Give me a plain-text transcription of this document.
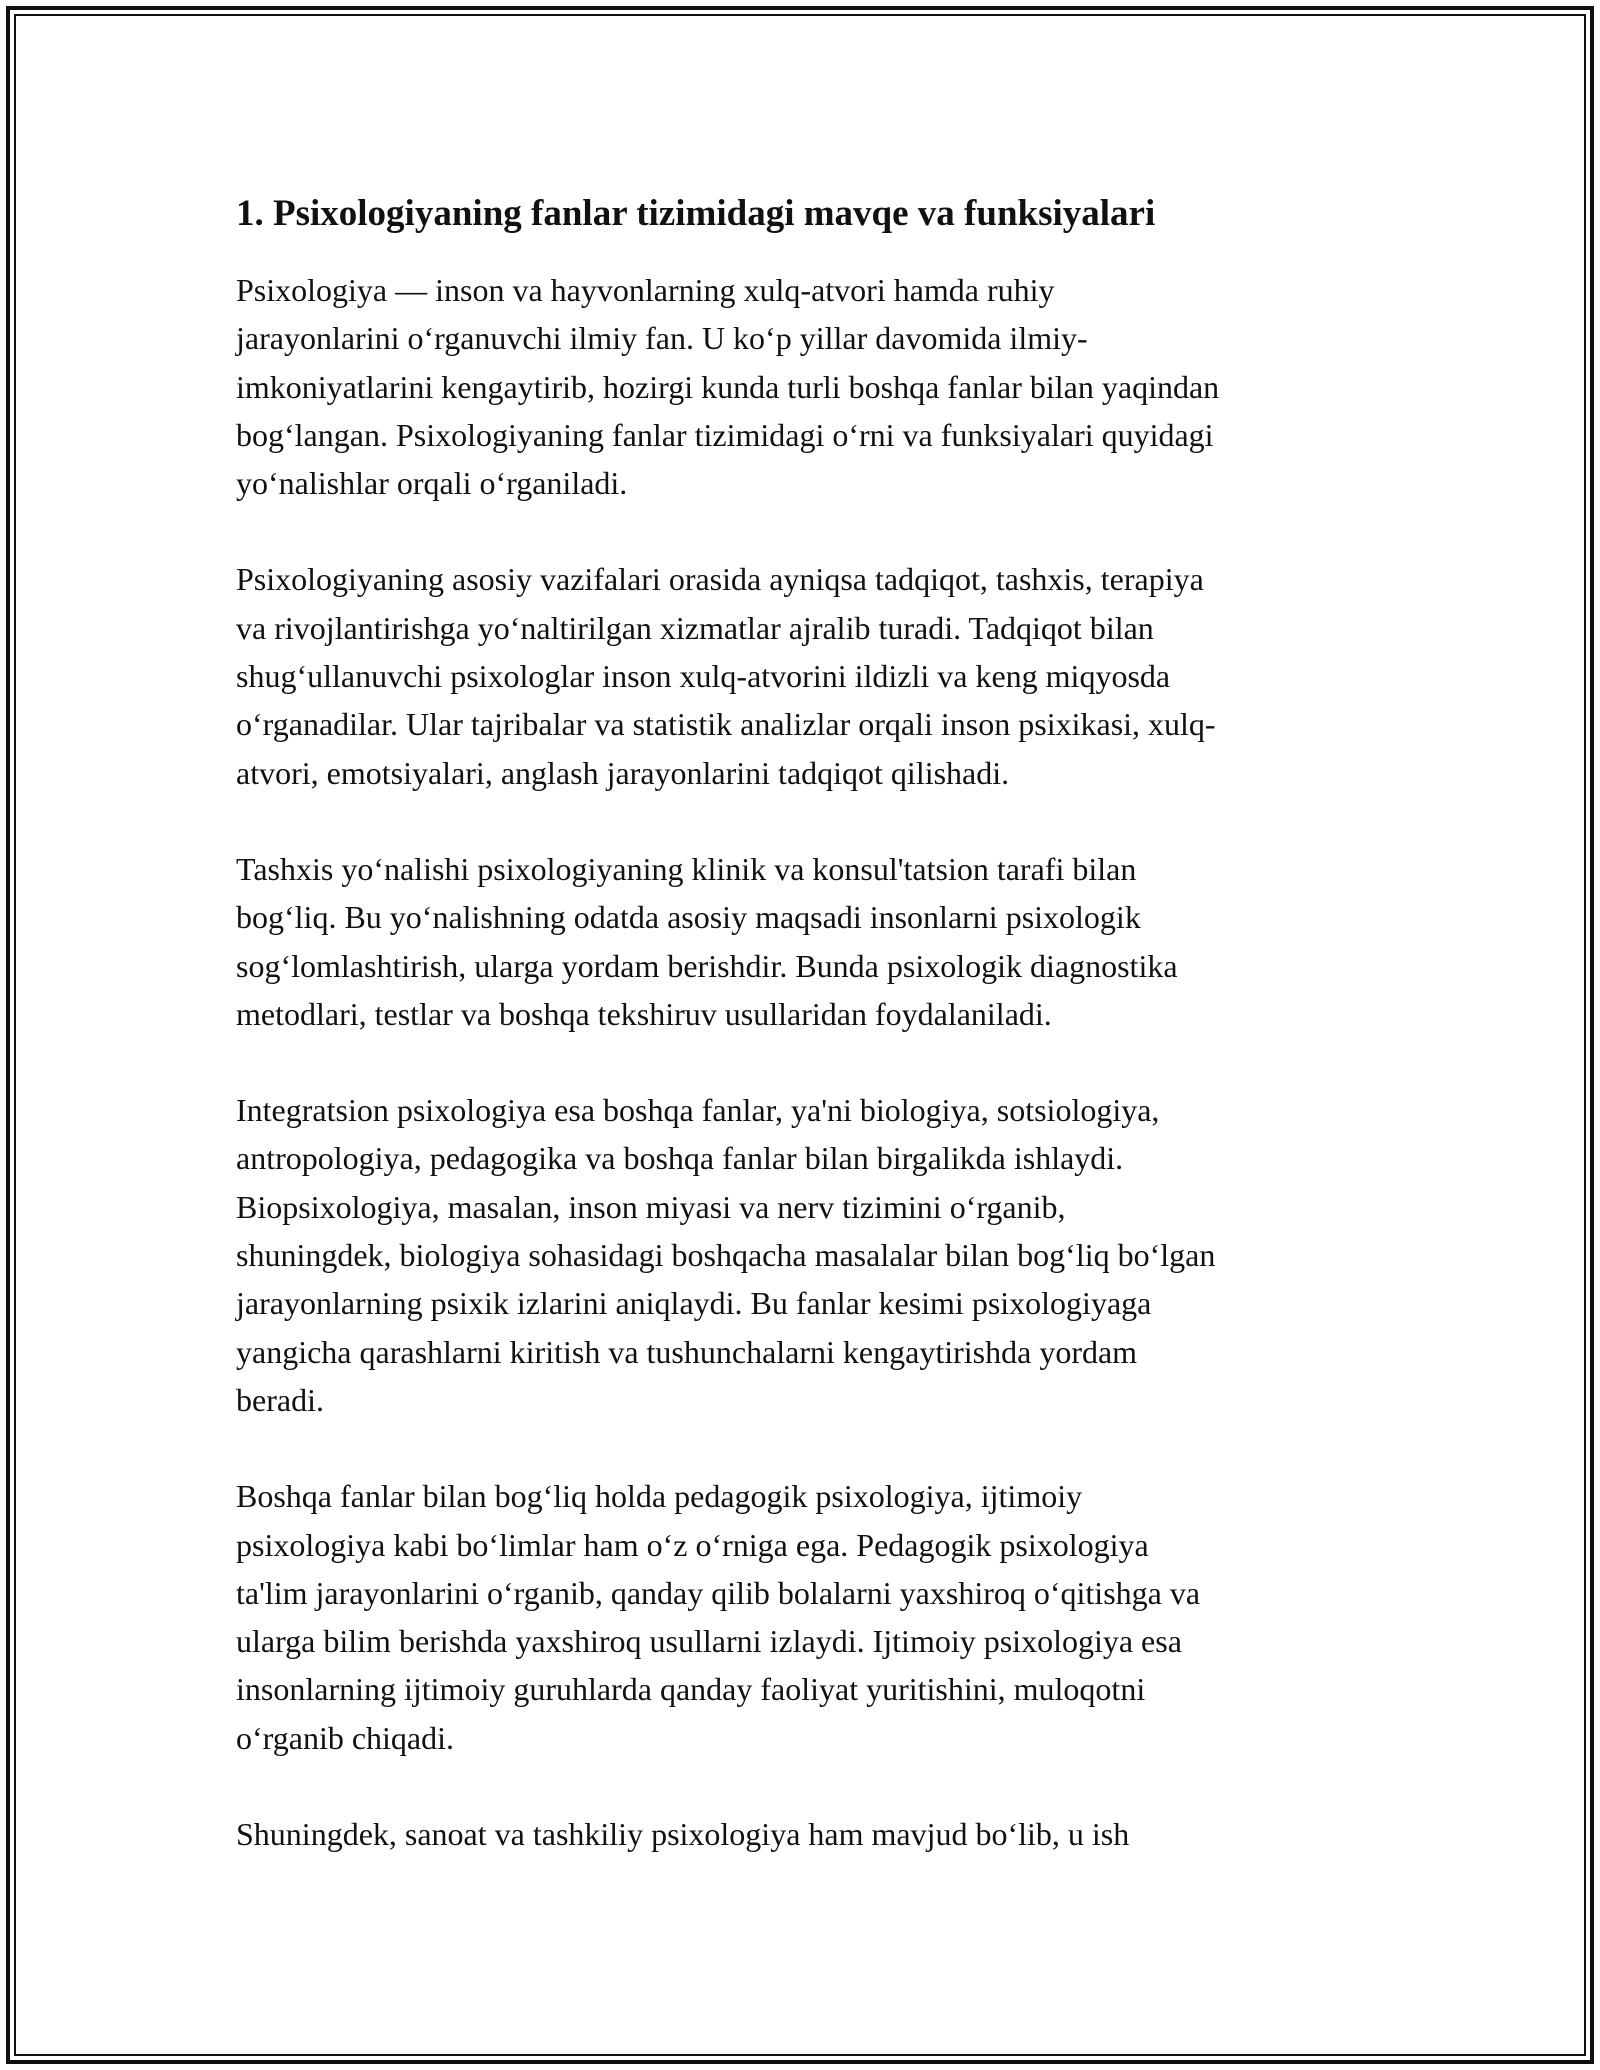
1. Psixologiyaning fanlar tizimidagi mavqe va funksiyalari

Psixologiya — inson va hayvonlarning xulq-atvori hamda ruhiy
jarayonlarini o‘rganuvchi ilmiy fan. U ko‘p yillar davomida ilmiy-
imkoniyatlarini kengaytirib, hozirgi kunda turli boshqa fanlar bilan yaqindan
bog‘langan. Psixologiyaning fanlar tizimidagi o‘rni va funksiyalari quyidagi
yo‘nalishlar orqali o‘rganiladi.

Psixologiyaning asosiy vazifalari orasida ayniqsa tadqiqot, tashxis, terapiya
va rivojlantirishga yo‘naltirilgan xizmatlar ajralib turadi. Tadqiqot bilan
shug‘ullanuvchi psixologlar inson xulq-atvorini ildizli va keng miqyosda
o‘rganadilar. Ular tajribalar va statistik analizlar orqali inson psixikasi, xulq-
atvori, emotsiyalari, anglash jarayonlarini tadqiqot qilishadi.

Tashxis yo‘nalishi psixologiyaning klinik va konsul'tatsion tarafi bilan
bog‘liq. Bu yo‘nalishning odatda asosiy maqsadi insonlarni psixologik
sog‘lomlashtirish, ularga yordam berishdir. Bunda psixologik diagnostika
metodlari, testlar va boshqa tekshiruv usullaridan foydalaniladi.

Integratsion psixologiya esa boshqa fanlar, ya'ni biologiya, sotsiologiya,
antropologiya, pedagogika va boshqa fanlar bilan birgalikda ishlaydi.
Biopsixologiya, masalan, inson miyasi va nerv tizimini o‘rganib,
shuningdek, biologiya sohasidagi boshqacha masalalar bilan bog‘liq bo‘lgan
jarayonlarning psixik izlarini aniqlaydi. Bu fanlar kesimi psixologiyaga
yangicha qarashlarni kiritish va tushunchalarni kengaytirishda yordam
beradi.

Boshqa fanlar bilan bog‘liq holda pedagogik psixologiya, ijtimoiy
psixologiya kabi bo‘limlar ham o‘z o‘rniga ega. Pedagogik psixologiya
ta'lim jarayonlarini o‘rganib, qanday qilib bolalarni yaxshiroq o‘qitishga va
ularga bilim berishda yaxshiroq usullarni izlaydi. Ijtimoiy psixologiya esa
insonlarning ijtimoiy guruhlarda qanday faoliyat yuritishini, muloqotni
o‘rganib chiqadi.

Shuningdek, sanoat va tashkiliy psixologiya ham mavjud bo‘lib, u ish
